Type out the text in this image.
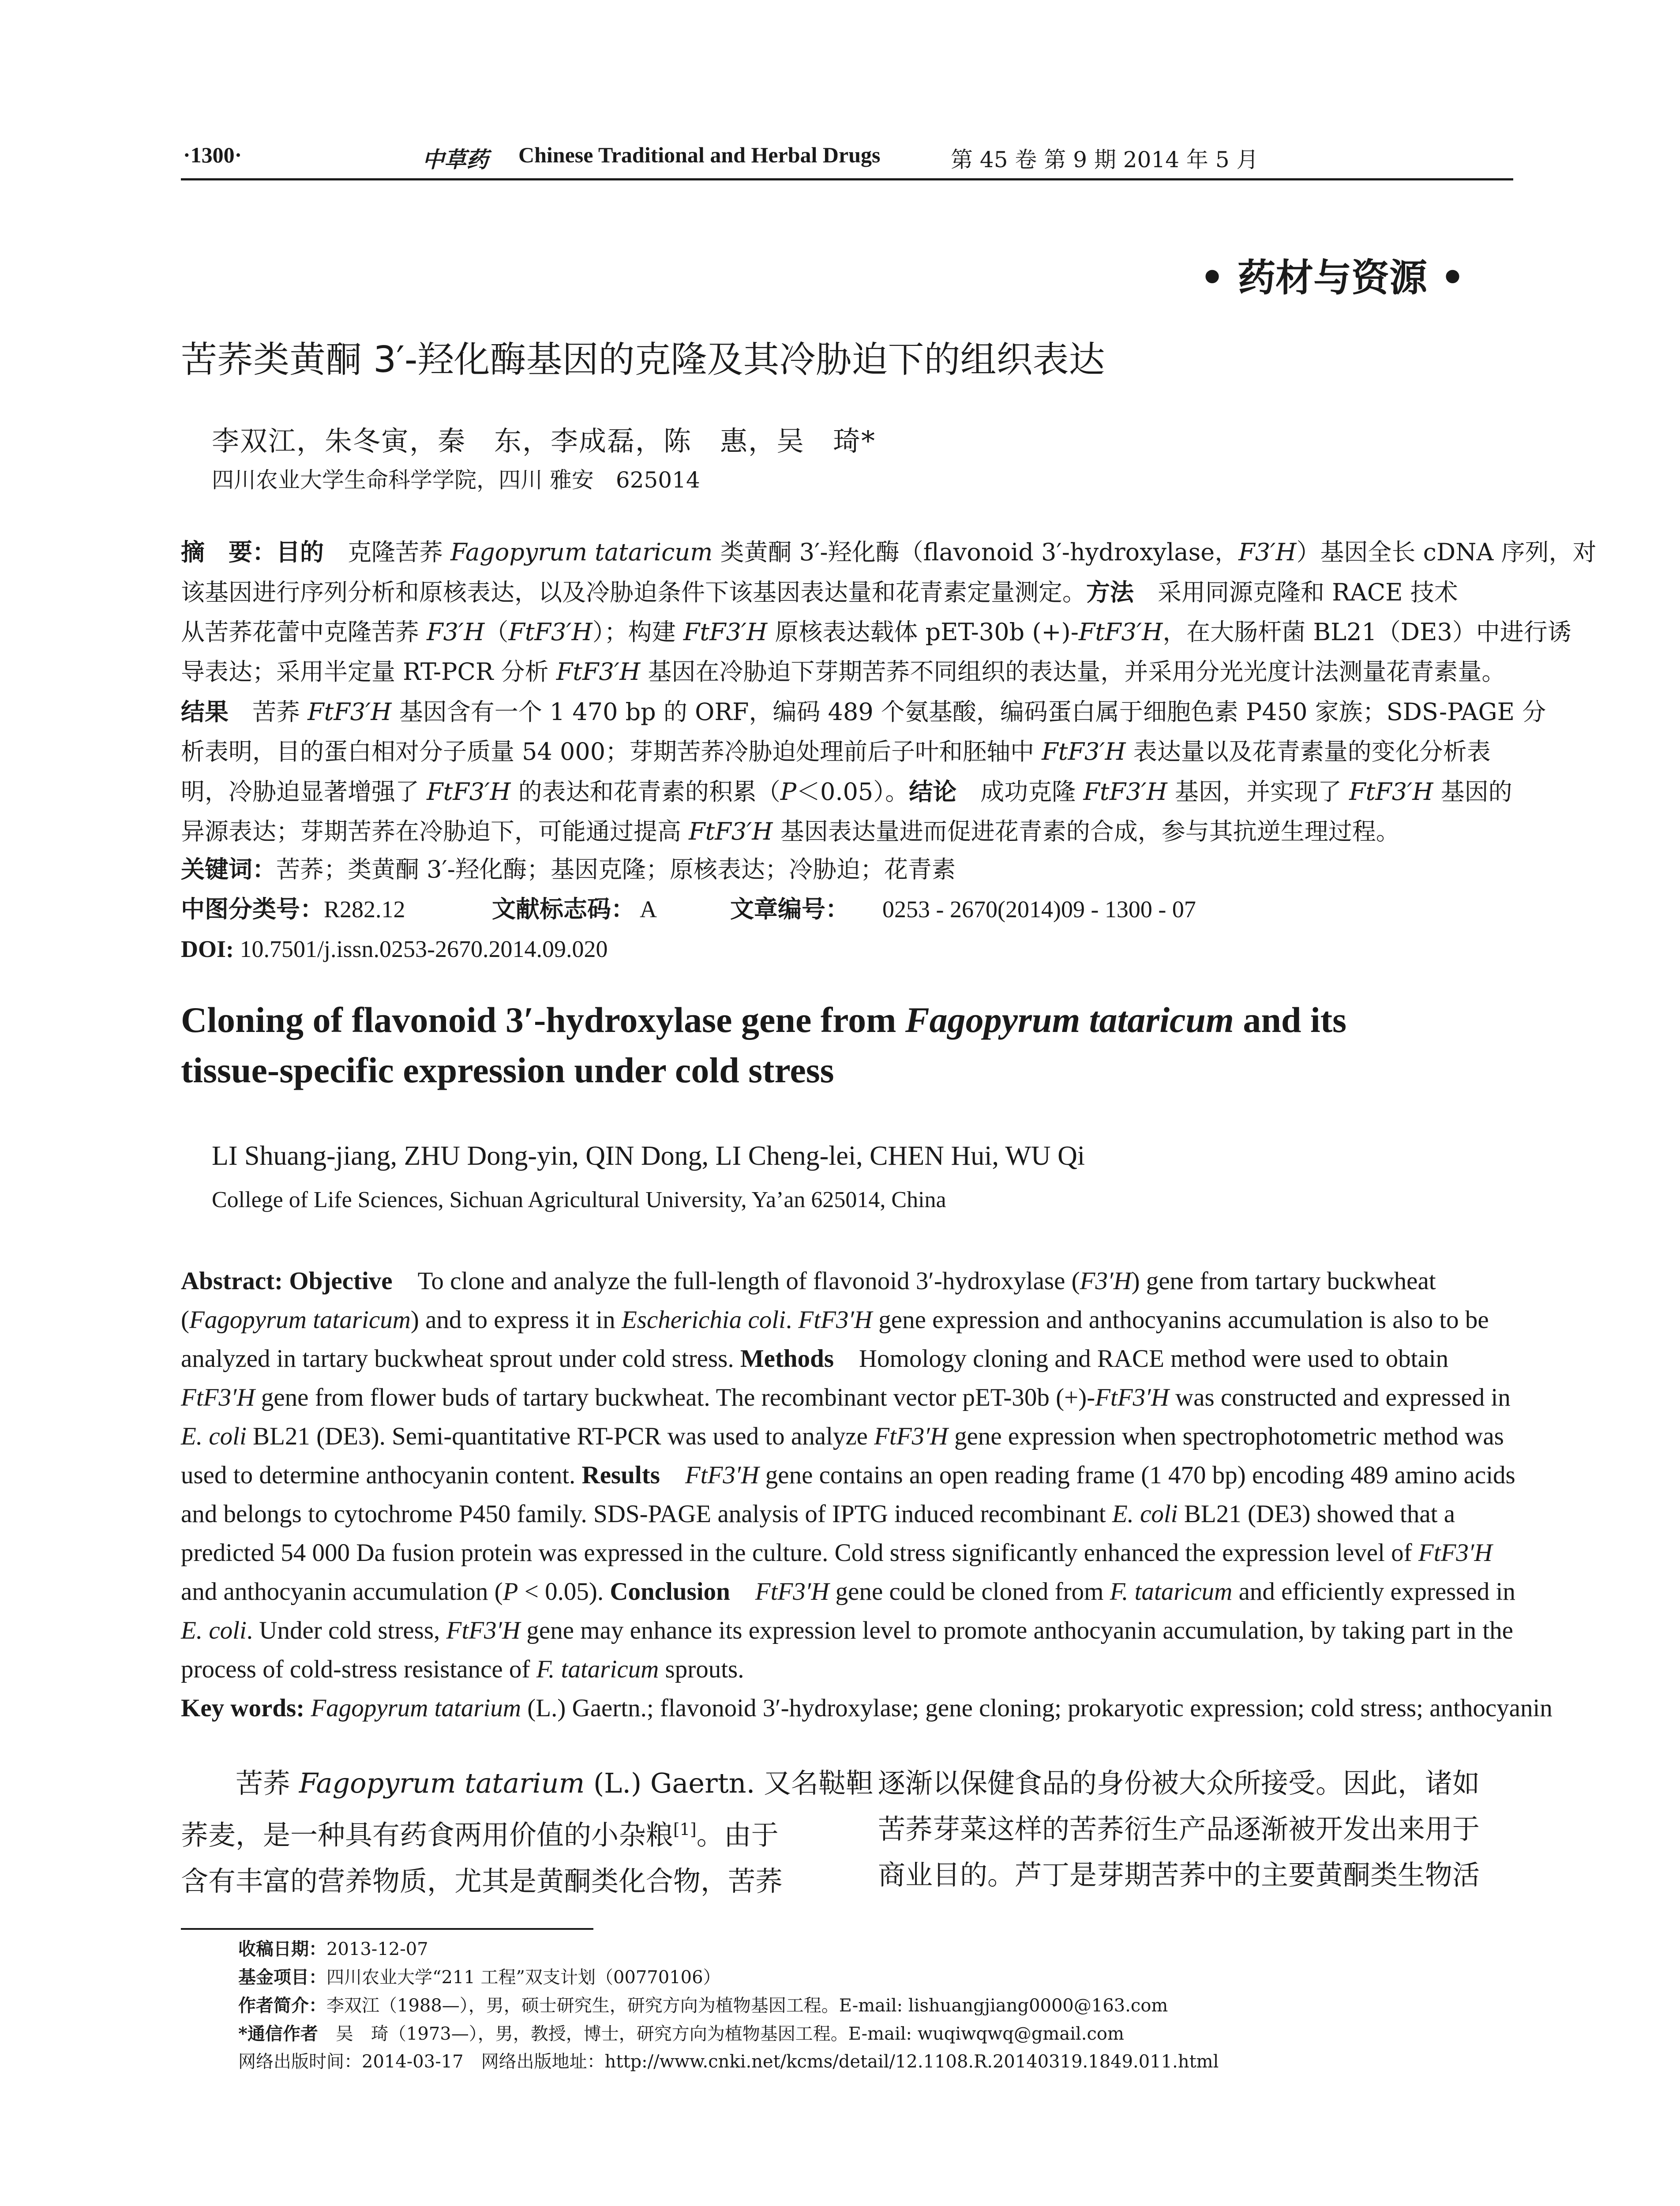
·1300·	中草药 Chinese Traditional and Herbal Drugs	第 45 卷 第 9 期 2014 年 5 月
• 药材与资源 •
苦荞类黄酮 3′-羟化酶基因的克隆及其冷胁迫下的组织表达
李双江，朱冬寅，秦　东，李成磊，陈　惠，吴　琦*
四川农业大学生命科学学院，四川 雅安　625014
摘　要：目的　克隆苦荞 Fagopyrum tataricum 类黄酮 3′-羟化酶（flavonoid 3′-hydroxylase，F3′H）基因全长 cDNA 序列，对
该基因进行序列分析和原核表达，以及冷胁迫条件下该基因表达量和花青素定量测定。方法　采用同源克隆和 RACE 技术
从苦荞花蕾中克隆苦荞 F3′H（FtF3′H）；构建 FtF3′H 原核表达载体 pET-30b (+)-FtF3′H，在大肠杆菌 BL21（DE3）中进行诱
导表达；采用半定量 RT-PCR 分析 FtF3′H 基因在冷胁迫下芽期苦荞不同组织的表达量，并采用分光光度计法测量花青素量。
结果　苦荞 FtF3′H 基因含有一个 1 470 bp 的 ORF，编码 489 个氨基酸，编码蛋白属于细胞色素 P450 家族；SDS-PAGE 分
析表明，目的蛋白相对分子质量 54 000；芽期苦荞冷胁迫处理前后子叶和胚轴中 FtF3′H 表达量以及花青素量的变化分析表
明，冷胁迫显著增强了 FtF3′H 的表达和花青素的积累（P＜0.05）。结论　成功克隆 FtF3′H 基因，并实现了 FtF3′H 基因的
异源表达；芽期苦荞在冷胁迫下，可能通过提高 FtF3′H 基因表达量进而促进花青素的合成，参与其抗逆生理过程。
关键词：苦荞；类黄酮 3′-羟化酶；基因克隆；原核表达；冷胁迫；花青素
中图分类号：R282.12	文献标志码： A	文章编号： 0253 - 2670(2014)09 - 1300 - 07
DOI: 10.7501/j.issn.0253-2670.2014.09.020
Cloning of flavonoid 3′-hydroxylase gene from Fagopyrum tataricum and its
tissue-specific expression under cold stress
LI Shuang-jiang, ZHU Dong-yin, QIN Dong, LI Cheng-lei, CHEN Hui, WU Qi
College of Life Sciences, Sichuan Agricultural University, Ya’an 625014, China
Abstract: Objective　To clone and analyze the full-length of flavonoid 3′-hydroxylase (F3′H) gene from tartary buckwheat
(Fagopyrum tataricum) and to express it in Escherichia coli. FtF3′H gene expression and anthocyanins accumulation is also to be
analyzed in tartary buckwheat sprout under cold stress. Methods　Homology cloning and RACE method were used to obtain
FtF3′H gene from flower buds of tartary buckwheat. The recombinant vector pET-30b (+)-FtF3′H was constructed and expressed in
E. coli BL21 (DE3). Semi-quantitative RT-PCR was used to analyze FtF3′H gene expression when spectrophotometric method was
used to determine anthocyanin content. Results　 FtF3′H gene contains an open reading frame (1 470 bp) encoding 489 amino acids
and belongs to cytochrome P450 family. SDS-PAGE analysis of IPTG induced recombinant E. coli BL21 (DE3) showed that a
predicted 54 000 Da fusion protein was expressed in the culture. Cold stress significantly enhanced the expression level of FtF3′H
and anthocyanin accumulation (P < 0.05). Conclusion　 FtF3′H gene could be cloned from F. tataricum and efficiently expressed in
E. coli. Under cold stress, FtF3′H gene may enhance its expression level to promote anthocyanin accumulation, by taking part in the
process of cold-stress resistance of F. tataricum sprouts.
Key words: Fagopyrum tatarium (L.) Gaertn.; flavonoid 3′-hydroxylase; gene cloning; prokaryotic expression; cold stress; anthocyanin
苦荞 Fagopyrum tatarium (L.) Gaertn. 又名鞑靼
荞麦，是一种具有药食两用价值的小杂粮[1]。由于
含有丰富的营养物质，尤其是黄酮类化合物，苦荞
逐渐以保健食品的身份被大众所接受。因此，诸如
苦荞芽菜这样的苦荞衍生产品逐渐被开发出来用于
商业目的。芦丁是芽期苦荞中的主要黄酮类生物活
收稿日期：2013-12-07
基金项目：四川农业大学“211 工程”双支计划（00770106）
作者简介：李双江（1988—），男，硕士研究生，研究方向为植物基因工程。E-mail: lishuangjiang0000@163.com
*通信作者　吴　琦（1973—），男，教授，博士，研究方向为植物基因工程。E-mail: wuqiwqwq@gmail.com
网络出版时间：2014-03-17　网络出版地址：http://www.cnki.net/kcms/detail/12.1108.R.20140319.1849.011.html
